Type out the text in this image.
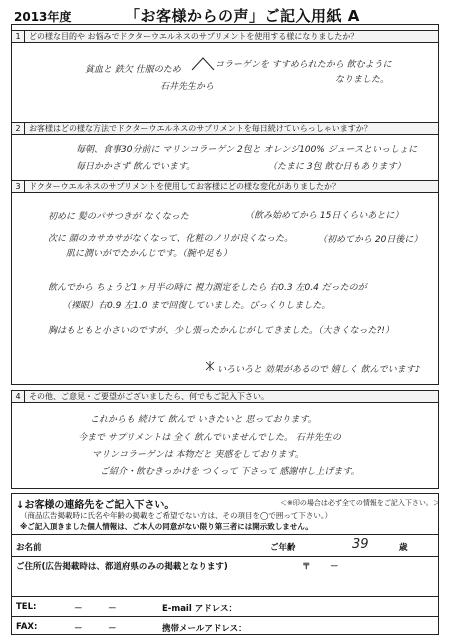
2013年度	「お客様からの声」ご記入用紙 A
1 どの様な目的や お悩みでドクターウエルネスのサプリメントを使用する様になりましたか？
貧血と 鉄欠 仕服のため	コラーゲンを すすめられたから 飲むように
石井先生から
なりました。
2 お客様はどの様な方法でドクターウエルネスのサプリメントを毎日続けていらっしゃいますか？
毎朝、食事30分前に マリンコラーゲン 2包と オレンジ100% ジュースといっしょに
毎日かかさず 飲んでいます。	（たまに 3包 飲む日もあります）
3 ドクターウエルネスのサプリメントを使用してお客様にどの様な変化がありましたか？
初めに 髪のパサつきが なくなった	（飲み始めてから 15日くらいあとに）
次に 顔のカサカサがなくなって、化粧のノリが良くなった。	（初めてから 20日後に）
肌に潤いがでたかんじです。（腕や足も）
飲んでから ちょうど1ヶ月半の時に 視力測定をしたら 右0.3 左0.4 だったのが
（裸眼）右0.9 左1.0 まで回復していました。びっくりしました。
胸はもともと小さいのですが、少し張ったかんじがしてきました。（大きくなった?!）
いろいろと 効果があるので 嬉しく 飲んでいます♪
4 その他、ご意見・ご要望がございましたら、何でもご記入下さい。
これからも 続けて 飲んで いきたいと 思っております。
今まで サプリメントは 全く 飲んでいませんでした。 石井先生の
マリンコラーゲンは 本物だと 実感をしております。
ご紹介・飲むきっかけを つくって 下さって 感謝申し上げます。
↓お客様の連絡先をご記入下さい。	＜※印の場合は必ず全ての情報をご記入下さい。＞
（商品広告掲載時に氏名や年齢の掲載をご希望でない方は、その項目を◯で囲って下さい。）
※ご記入頂きました個人情報は、ご本人の同意がない限り第三者には開示致しません。
お名前	ご年齢	39	歳
ご住所(広告掲載時は、都道府県のみの掲載となります)	〒 －
TEL:	－　　　－	E-mail アドレス：
FAX:	－　　　－	携帯メールアドレス：
